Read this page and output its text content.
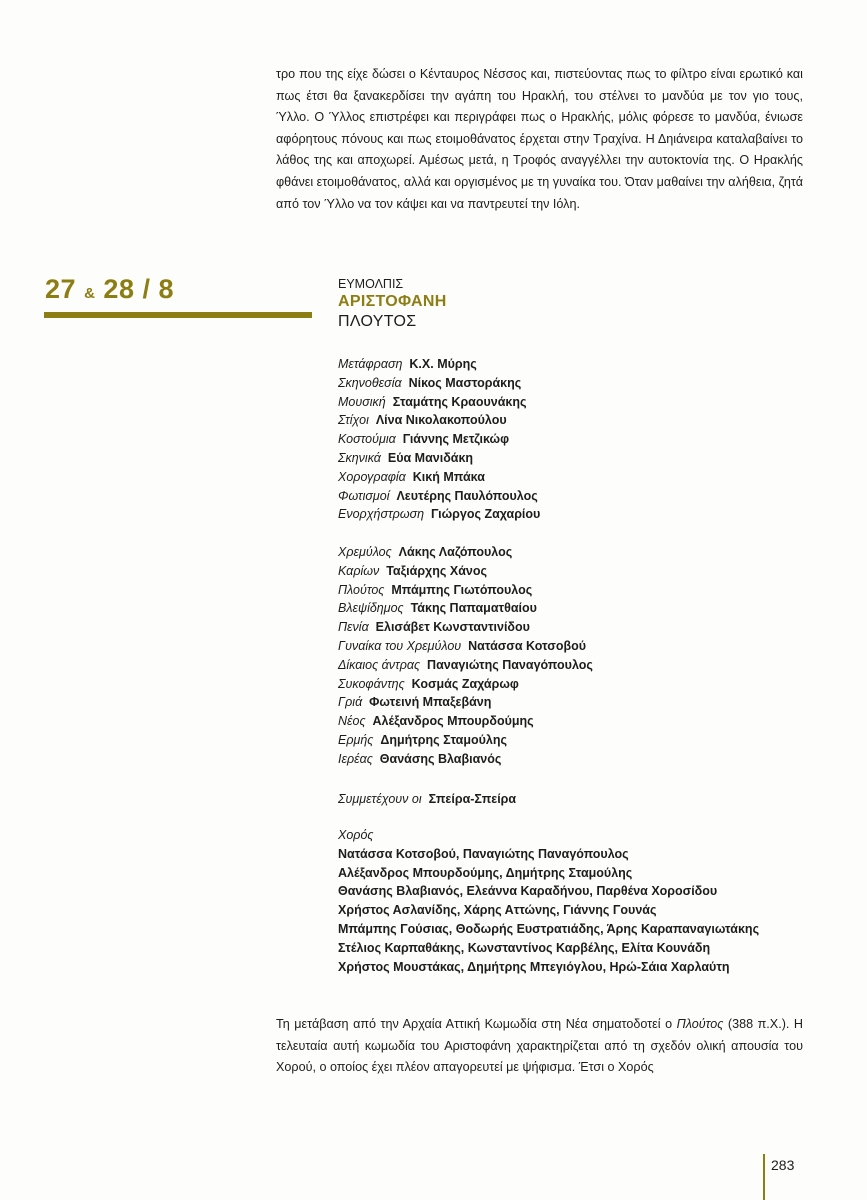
τρο που της είχε δώσει ο Κένταυρος Νέσσος και, πιστεύοντας πως το φίλτρο είναι ερωτικό και πως έτσι θα ξανακερδίσει την αγάπη του Ηρακλή, του στέλνει το μανδύα με τον γιο τους, Ύλλο. Ο Ύλλος επιστρέφει και περιγράφει πως ο Ηρακλής, μόλις φόρεσε το μανδύα, ένιωσε αφόρητους πόνους και πως ετοιμοθάνατος έρχεται στην Τραχίνα. Η Δηιάνειρα καταλαβαίνει το λάθος της και αποχωρεί. Αμέσως μετά, η Τροφός αναγγέλλει την αυτοκτονία της. Ο Ηρακλής φθάνει ετοιμοθάνατος, αλλά και οργισμένος με τη γυναίκα του. Όταν μαθαίνει την αλήθεια, ζητά από τον Ύλλο να τον κάψει και να παντρευτεί την Ιόλη.

27 & 28 / 8	ΕΥΜΟΛΠΙΣ
ΑΡΙΣΤΟΦΑΝΗ
ΠΛΟΥΤΟΣ
Μετάφραση Κ.Χ. Μύρης
Σκηνοθεσία Νίκος Μαστοράκης
Μουσική Σταμάτης Κραουνάκης
Στίχοι Λίνα Νικολακοπούλου
Κοστούμια Γιάννης Μετζικώφ
Σκηνικά Εύα Μανιδάκη
Χορογραφία Κική Μπάκα
Φωτισμοί Λευτέρης Παυλόπουλος
Ενορχήστρωση Γιώργος Ζαχαρίου
Χρεμύλος Λάκης Λαζόπουλος
Καρίων Ταξιάρχης Χάνος
Πλούτος Μπάμπης Γιωτόπουλος
Βλεψίδημος Τάκης Παπαματθαίου
Πενία Ελισάβετ Κωνσταντινίδου
Γυναίκα του Χρεμύλου Νατάσσα Κοτσοβού
Δίκαιος άντρας Παναγιώτης Παναγόπουλος
Συκοφάντης Κοσμάς Ζαχάρωφ
Γριά Φωτεινή Μπαξεβάνη
Νέος Αλέξανδρος Μπουρδούμης
Ερμής Δημήτρης Σταμούλης
Ιερέας Θανάσης Βλαβιανός
Συμμετέχουν οι Σπείρα-Σπείρα
Χορός
Νατάσσα Κοτσοβού, Παναγιώτης Παναγόπουλος
Αλέξανδρος Μπουρδούμης, Δημήτρης Σταμούλης
Θανάσης Βλαβιανός, Ελεάννα Καραδήνου, Παρθένα Χοροσίδου
Χρήστος Ασλανίδης, Χάρης Αττώνης, Γιάννης Γουνάς
Μπάμπης Γούσιας, Θοδωρής Ευστρατιάδης, Άρης Καραπαναγιωτάκης
Στέλιος Καρπαθάκης, Κωνσταντίνος Καρβέλης, Ελίτα Κουνάδη
Χρήστος Μουστάκας, Δημήτρης Μπεγιόγλου, Ηρώ-Σάια Χαρλαύτη

Τη μετάβαση από την Αρχαία Αττική Κωμωδία στη Νέα σηματοδοτεί ο Πλούτος (388 π.Χ.). Η τελευταία αυτή κωμωδία του Αριστοφάνη χαρακτηρίζεται από τη σχεδόν ολική απουσία του Χορού, ο οποίος έχει πλέον απαγορευτεί με ψήφισμα. Έτσι ο Χορός

283
